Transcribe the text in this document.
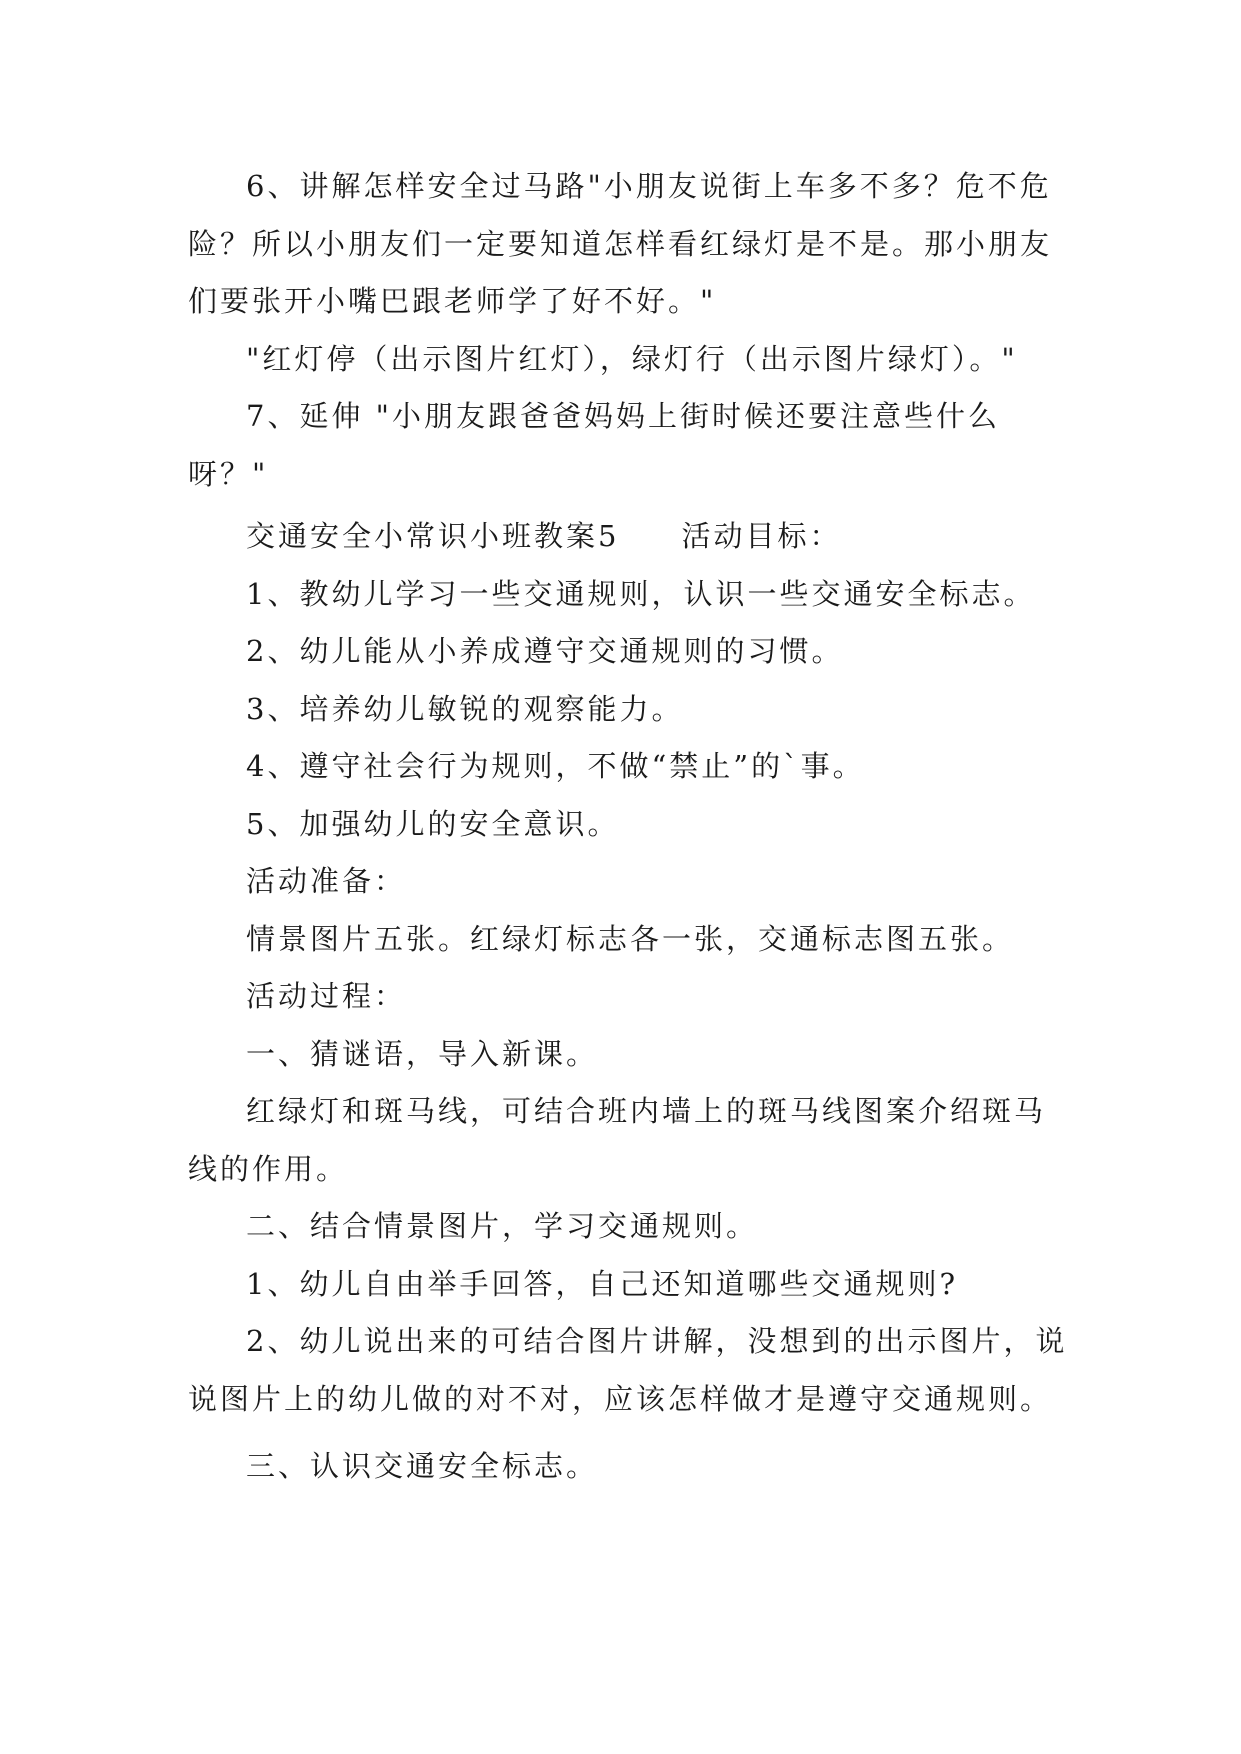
6、讲解怎样安全过马路"小朋友说街上车多不多？危不危险？所以小朋友们一定要知道怎样看红绿灯是不是。那小朋友们要张开小嘴巴跟老师学了好不好。"

"红灯停（出示图片红灯），绿灯行（出示图片绿灯）。"

7、延伸 "小朋友跟爸爸妈妈上街时候还要注意些什么呀？"

交通安全小常识小班教案5 活动目标：

1、教幼儿学习一些交通规则，认识一些交通安全标志。

2、幼儿能从小养成遵守交通规则的习惯。

3、培养幼儿敏锐的观察能力。

4、遵守社会行为规则，不做“禁止”的`事。

5、加强幼儿的安全意识。

活动准备：

情景图片五张。红绿灯标志各一张，交通标志图五张。

活动过程：

一、猜谜语，导入新课。

红绿灯和斑马线，可结合班内墙上的斑马线图案介绍斑马线的作用。

二、结合情景图片，学习交通规则。

1、幼儿自由举手回答，自己还知道哪些交通规则?

2、幼儿说出来的可结合图片讲解，没想到的出示图片，说说图片上的幼儿做的对不对，应该怎样做才是遵守交通规则。

三、认识交通安全标志。
